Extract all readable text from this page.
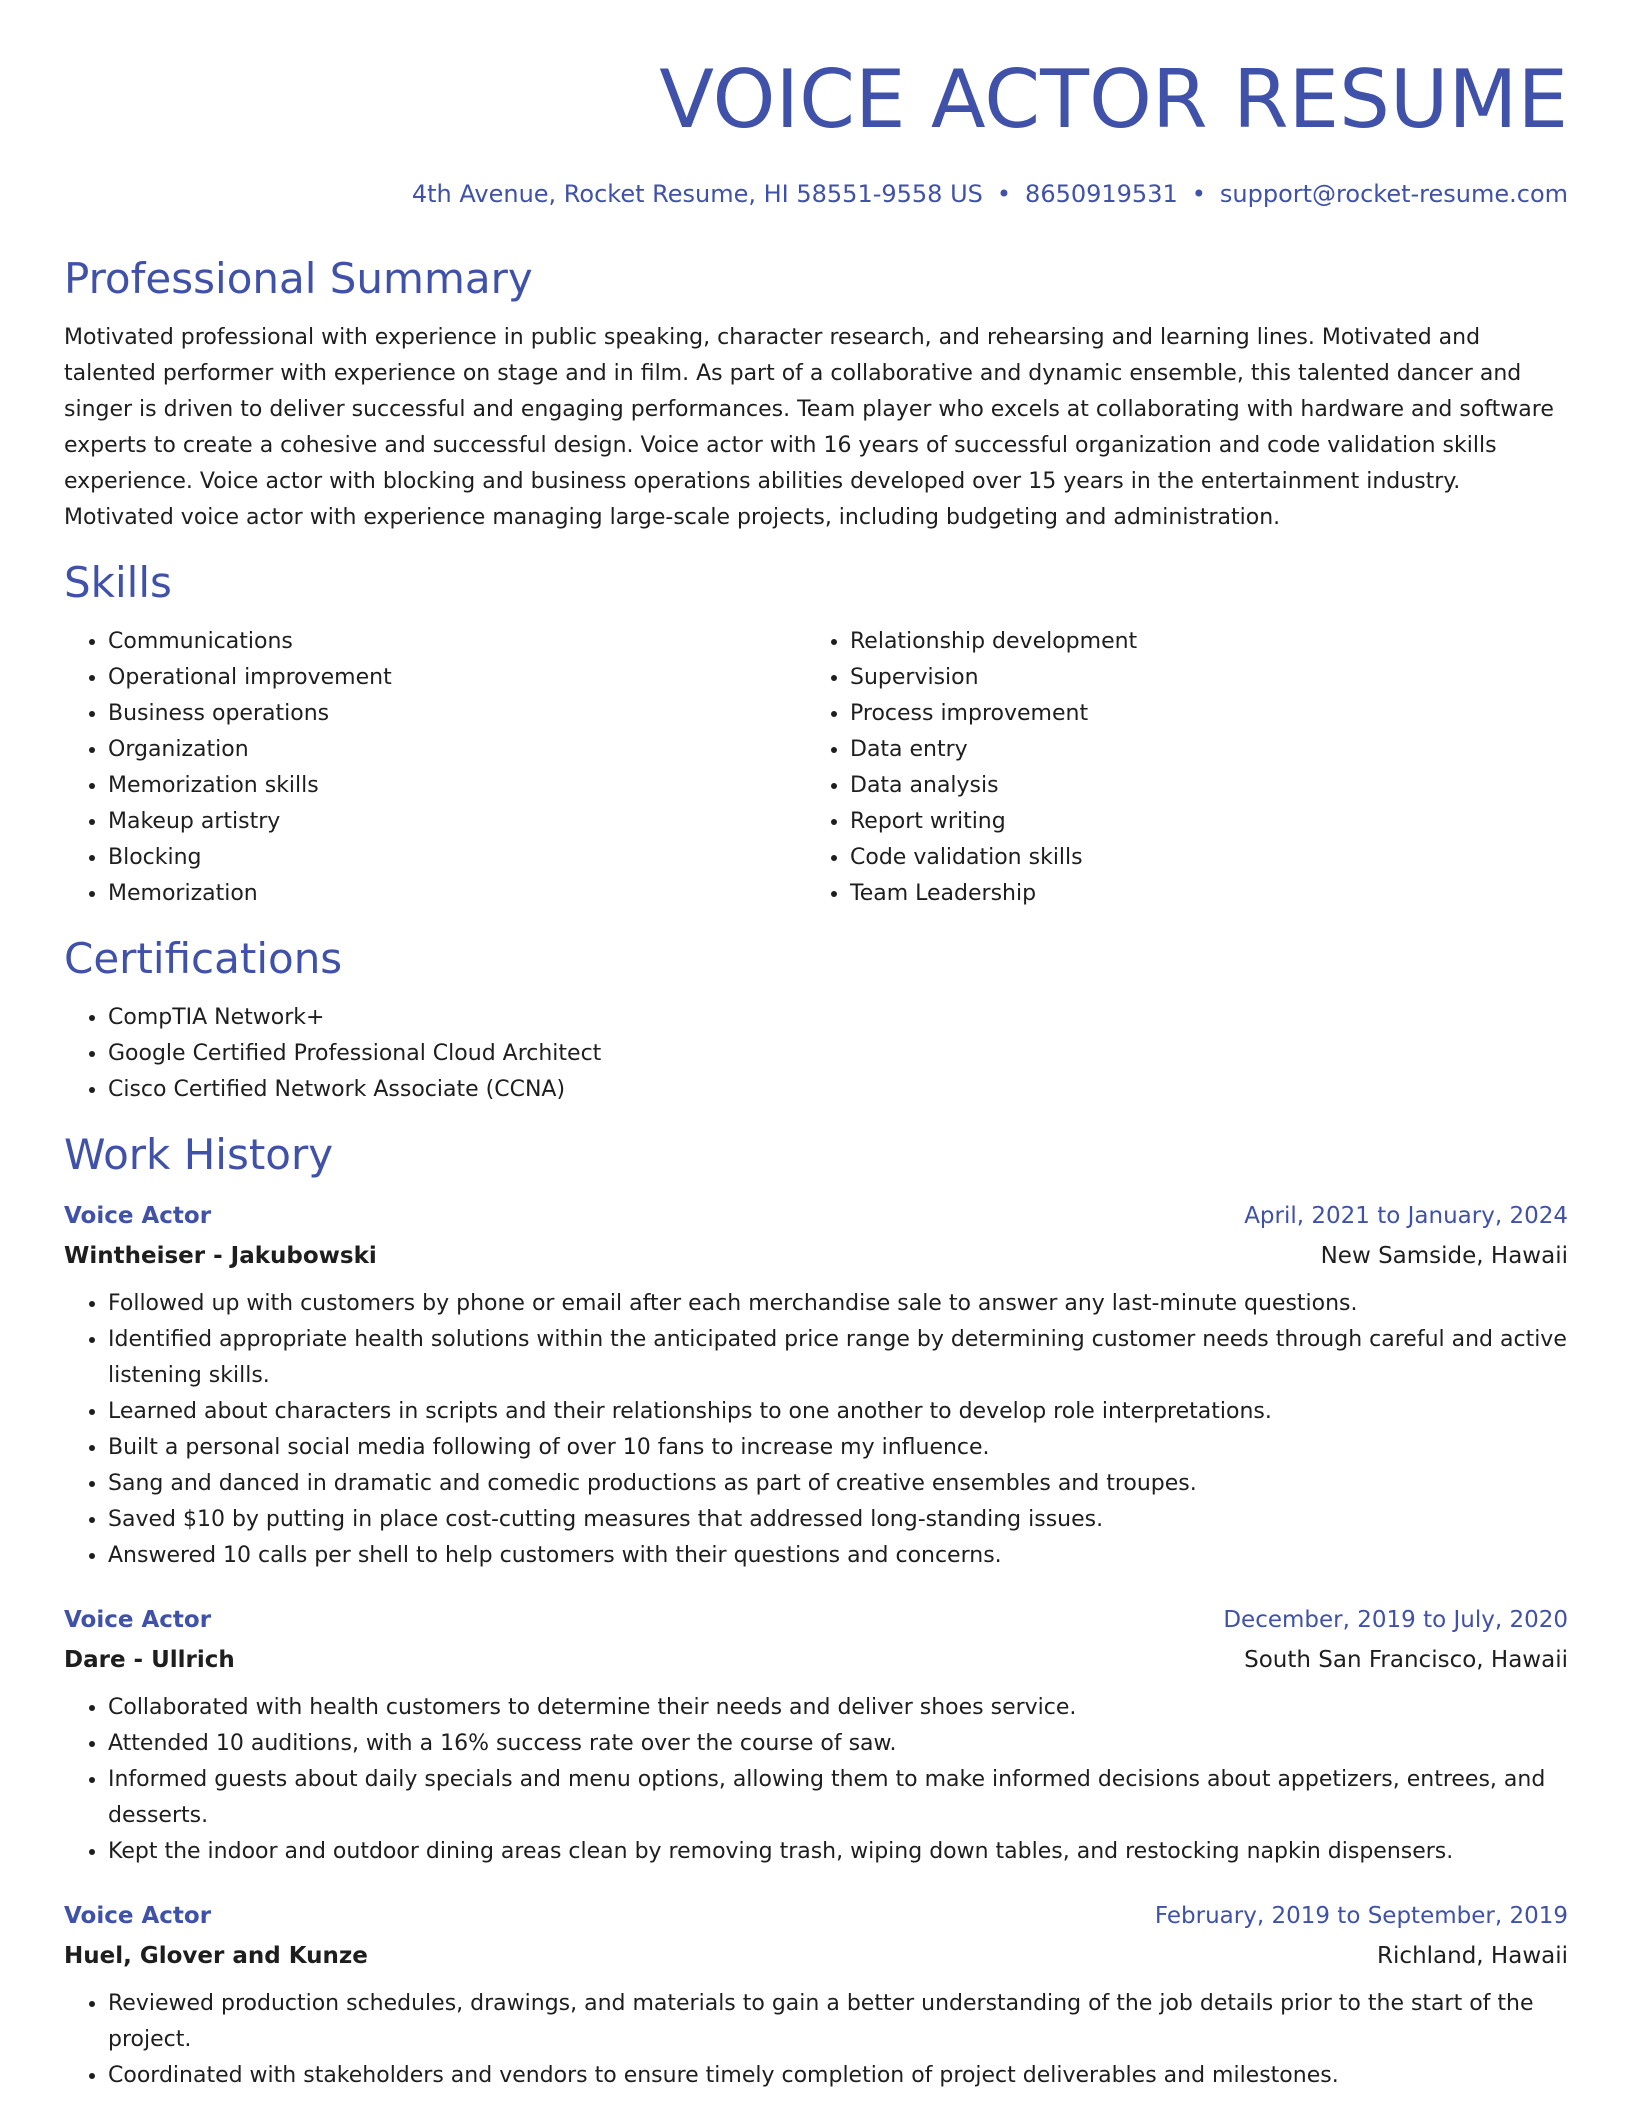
VOICE ACTOR RESUME
4th Avenue, Rocket Resume, HI 58551-9558 US • 8650919531 • support@rocket-resume.com
Professional Summary

Motivated professional with experience in public speaking, character research, and rehearsing and learning lines. Motivated and talented performer with experience on stage and in film. As part of a collaborative and dynamic ensemble, this talented dancer and singer is driven to deliver successful and engaging performances. Team player who excels at collaborating with hardware and software experts to create a cohesive and successful design. Voice actor with 16 years of successful organization and code validation skills experience. Voice actor with blocking and business operations abilities developed over 15 years in the entertainment industry. Motivated voice actor with experience managing large-scale projects, including budgeting and administration.

Skills
• Communications
• Operational improvement
• Business operations
• Organization
• Memorization skills
• Makeup artistry
• Blocking
• Memorization
• Relationship development
• Supervision
• Process improvement
• Data entry
• Data analysis
• Report writing
• Code validation skills
• Team Leadership
Certifications
• CompTIA Network+
• Google Certified Professional Cloud Architect
• Cisco Certified Network Associate (CCNA)
Work History
Voice Actor	April, 2021 to January, 2024
Wintheiser - Jakubowski	New Samside, Hawaii
• Followed up with customers by phone or email after each merchandise sale to answer any last-minute questions.
• Identified appropriate health solutions within the anticipated price range by determining customer needs through careful and active listening skills.
• Learned about characters in scripts and their relationships to one another to develop role interpretations.
• Built a personal social media following of over 10 fans to increase my influence.
• Sang and danced in dramatic and comedic productions as part of creative ensembles and troupes.
• Saved $10 by putting in place cost-cutting measures that addressed long-standing issues.
• Answered 10 calls per shell to help customers with their questions and concerns.
Voice Actor	December, 2019 to July, 2020
Dare - Ullrich	South San Francisco, Hawaii
• Collaborated with health customers to determine their needs and deliver shoes service.
• Attended 10 auditions, with a 16% success rate over the course of saw.
• Informed guests about daily specials and menu options, allowing them to make informed decisions about appetizers, entrees, and desserts.
• Kept the indoor and outdoor dining areas clean by removing trash, wiping down tables, and restocking napkin dispensers.
Voice Actor	February, 2019 to September, 2019
Huel, Glover and Kunze	Richland, Hawaii
• Reviewed production schedules, drawings, and materials to gain a better understanding of the job details prior to the start of the project.
• Coordinated with stakeholders and vendors to ensure timely completion of project deliverables and milestones.
